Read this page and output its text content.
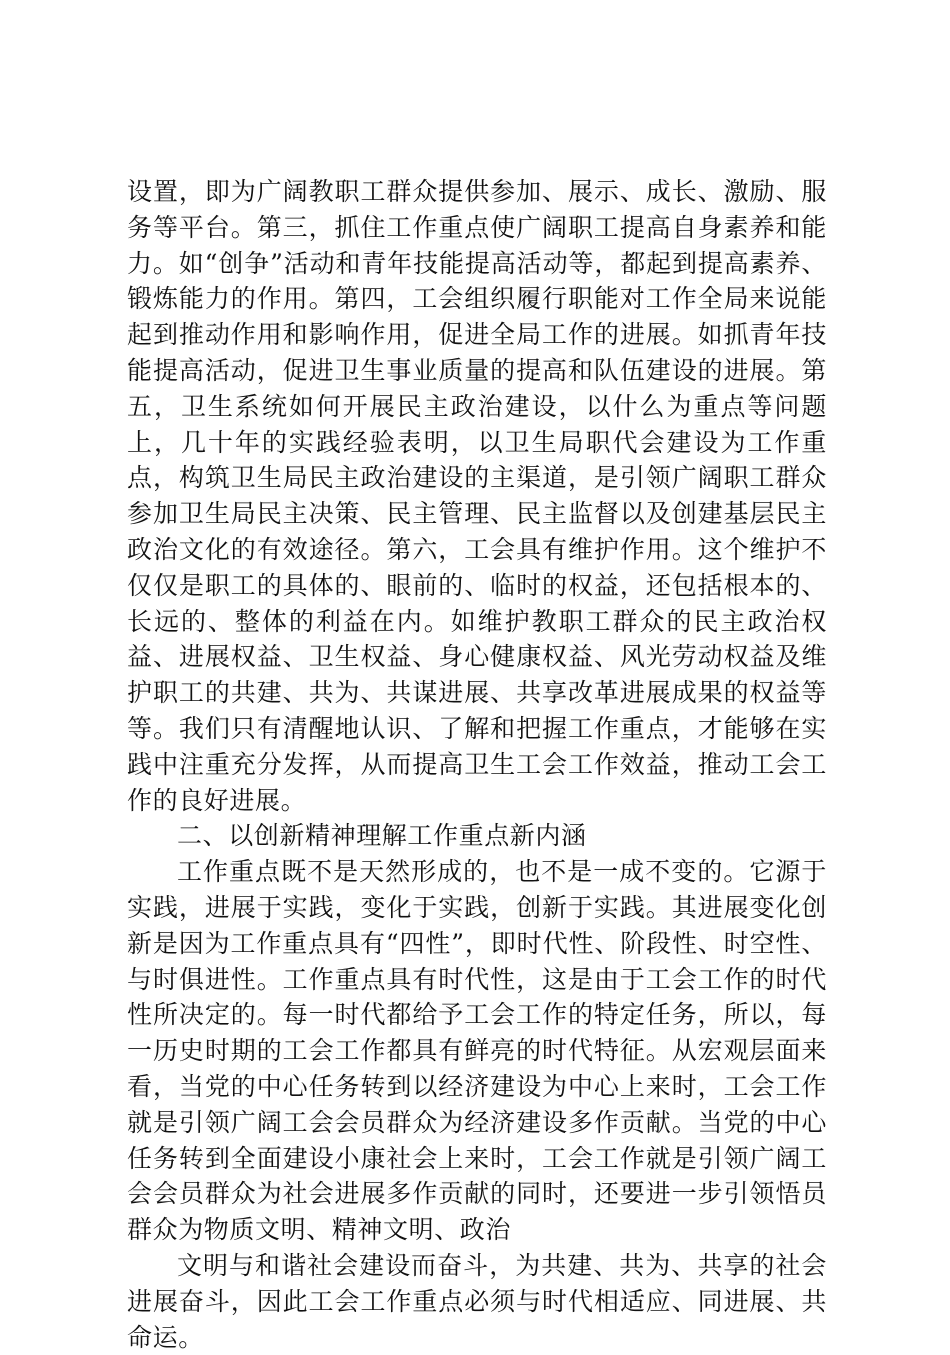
设置，即为广阔教职工群众提供参加、展示、成长、激励、服务等平台。第三，抓住工作重点使广阔职工提高自身素养和能力。如“创争”活动和青年技能提高活动等，都起到提高素养、锻炼能力的作用。第四，工会组织履行职能对工作全局来说能起到推动作用和影响作用，促进全局工作的进展。如抓青年技能提高活动，促进卫生事业质量的提高和队伍建设的进展。第五，卫生系统如何开展民主政治建设，以什么为重点等问题上，几十年的实践经验表明，以卫生局职代会建设为工作重点，构筑卫生局民主政治建设的主渠道，是引领广阔职工群众参加卫生局民主决策、民主管理、民主监督以及创建基层民主政治文化的有效途径。第六，工会具有维护作用。这个维护不仅仅是职工的具体的、眼前的、临时的权益，还包括根本的、长远的、整体的利益在内。如维护教职工群众的民主政治权益、进展权益、卫生权益、身心健康权益、风光劳动权益及维护职工的共建、共为、共谋进展、共享改革进展成果的权益等等。我们只有清醒地认识、了解和把握工作重点，才能够在实践中注重充分发挥，从而提高卫生工会工作效益，推动工会工作的良好进展。

二、以创新精神理解工作重点新内涵

工作重点既不是天然形成的，也不是一成不变的。它源于实践，进展于实践，变化于实践，创新于实践。其进展变化创新是因为工作重点具有“四性”，即时代性、阶段性、时空性、与时俱进性。工作重点具有时代性，这是由于工会工作的时代性所决定的。每一时代都给予工会工作的特定任务，所以，每一历史时期的工会工作都具有鲜亮的时代特征。从宏观层面来看，当党的中心任务转到以经济建设为中心上来时，工会工作就是引领广阔工会会员群众为经济建设多作贡献。当党的中心任务转到全面建设小康社会上来时，工会工作就是引领广阔工会会员群众为社会进展多作贡献的同时，还要进一步引领悟员群众为物质文明、精神文明、政治

文明与和谐社会建设而奋斗，为共建、共为、共享的社会进展奋斗，因此工会工作重点必须与时代相适应、同进展、共命运。
